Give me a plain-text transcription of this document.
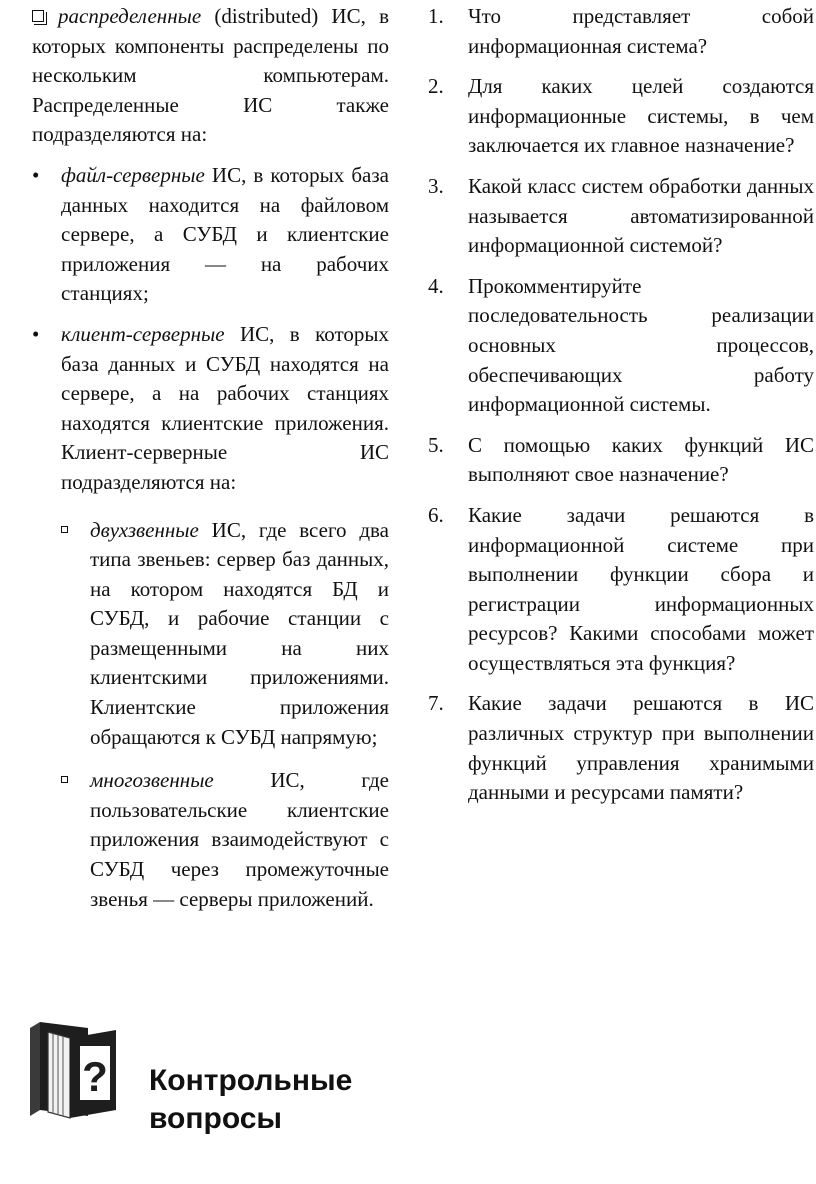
распределенные (distributed) ИС, в которых компоненты распределены по нескольким компьютерам. Распределенные ИС также подразделяются на:

• файл-серверные ИС, в которых база данных находится на файловом сервере, а СУБД и клиентские приложения — на рабочих станциях;

• клиент-серверные ИС, в которых база данных и СУБД находятся на сервере, а на рабочих станциях находятся клиентские приложения. Клиент-серверные ИС подразделяются на:

двухзвенные ИС, где всего два типа звеньев: сервер баз данных, на котором находятся БД и СУБД, и рабочие станции с размещенными на них клиентскими приложениями. Клиентские приложения обращаются к СУБД напрямую;

многозвенные ИС, где пользовательские клиентские приложения взаимодействуют с СУБД через промежуточные звенья — серверы приложений.

1. Что представляет собой информационная система?

2. Для каких целей создаются информационные системы, в чем заключается их главное назначение?

3. Какой класс систем обработки данных называется автоматизированной информационной системой?

4. Прокомментируйте последовательность реализации основных процессов, обеспечивающих работу информационной системы.

5. С помощью каких функций ИС выполняют свое назначение?

6. Какие задачи решаются в информационной системе при выполнении функции сбора и регистрации информационных ресурсов? Какими способами может осуществляться эта функция?

7. Какие задачи решаются в ИС различных структур при выполнении функций управления хранимыми данными и ресурсами памяти?

? Контрольные
вопросы
